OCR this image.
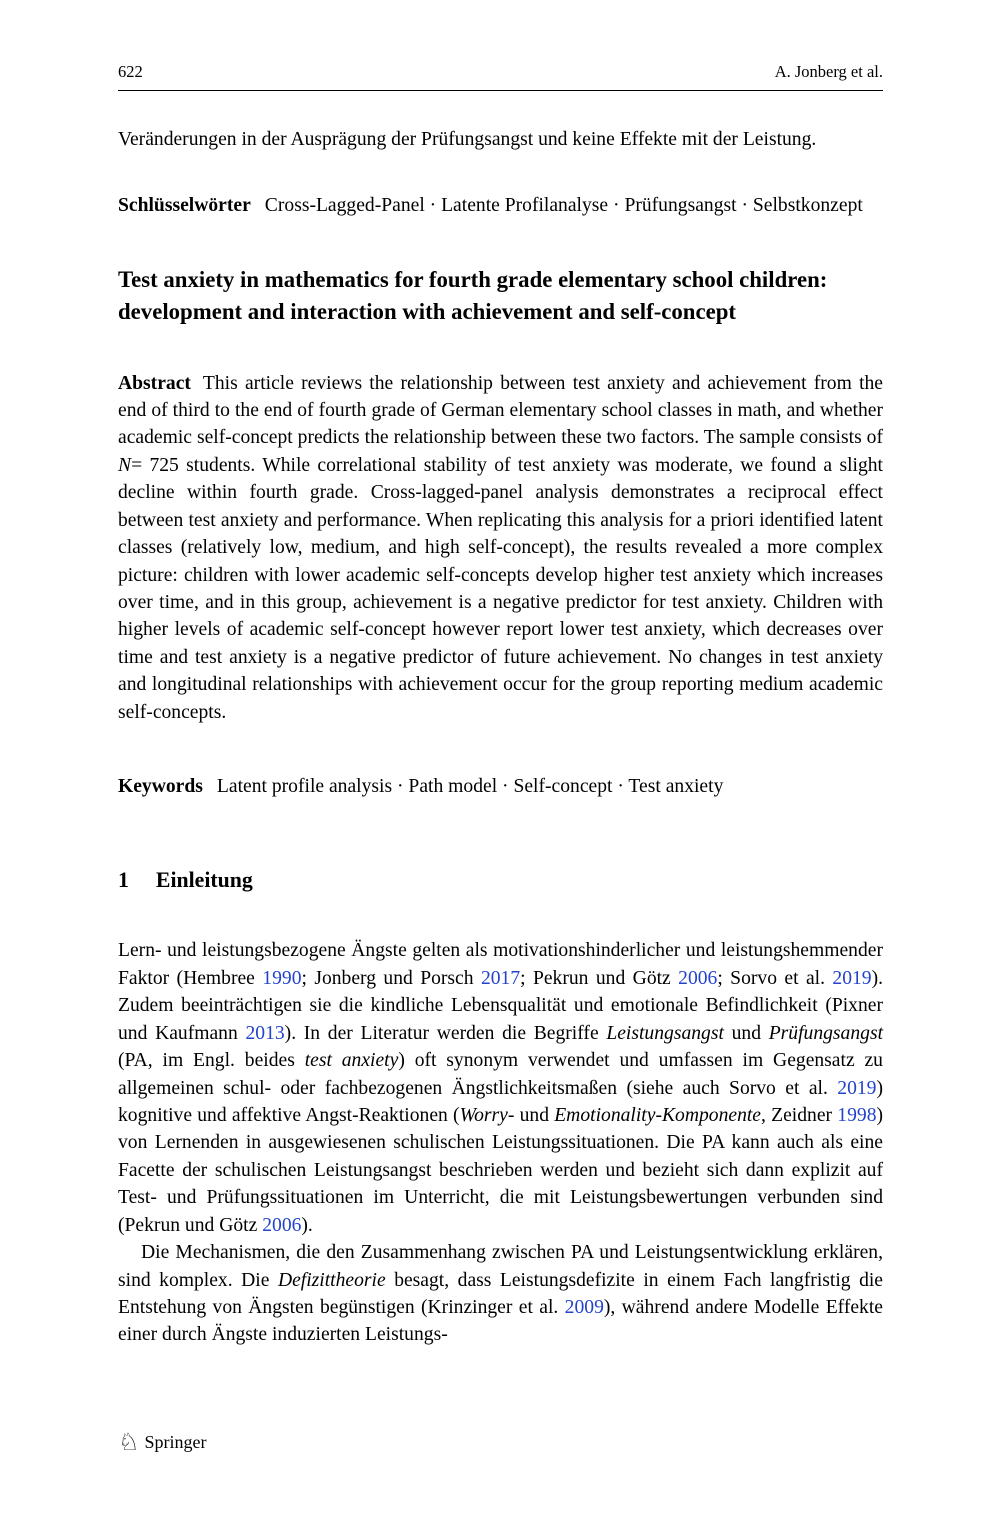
622	A. Jonberg et al.

Veränderungen in der Ausprägung der Prüfungsangst und keine Effekte mit der Leistung.

Schlüsselwörter Cross-Lagged-Panel · Latente Profilanalyse · Prüfungsangst · Selbstkonzept

Test anxiety in mathematics for fourth grade elementary school children: development and interaction with achievement and self-concept

Abstract This article reviews the relationship between test anxiety and achievement from the end of third to the end of fourth grade of German elementary school classes in math, and whether academic self-concept predicts the relationship between these two factors. The sample consists of N= 725 students. While correlational stability of test anxiety was moderate, we found a slight decline within fourth grade. Cross-lagged-panel analysis demonstrates a reciprocal effect between test anxiety and performance. When replicating this analysis for a priori identified latent classes (relatively low, medium, and high self-concept), the results revealed a more complex picture: children with lower academic self-concepts develop higher test anxiety which increases over time, and in this group, achievement is a negative predictor for test anxiety. Children with higher levels of academic self-concept however report lower test anxiety, which decreases over time and test anxiety is a negative predictor of future achievement. No changes in test anxiety and longitudinal relationships with achievement occur for the group reporting medium academic self-concepts.

Keywords Latent profile analysis · Path model · Self-concept · Test anxiety

1 Einleitung

Lern- und leistungsbezogene Ängste gelten als motivationshinderlicher und leistungshemmender Faktor (Hembree 1990; Jonberg und Porsch 2017; Pekrun und Götz 2006; Sorvo et al. 2019). Zudem beeinträchtigen sie die kindliche Lebensqualität und emotionale Befindlichkeit (Pixner und Kaufmann 2013). In der Literatur werden die Begriffe Leistungsangst und Prüfungsangst (PA, im Engl. beides test anxiety) oft synonym verwendet und umfassen im Gegensatz zu allgemeinen schul- oder fachbezogenen Ängstlichkeitsmaßen (siehe auch Sorvo et al. 2019) kognitive und affektive Angst-Reaktionen (Worry- und Emotionality-Komponente, Zeidner 1998) von Lernenden in ausgewiesenen schulischen Leistungssituationen. Die PA kann auch als eine Facette der schulischen Leistungsangst beschrieben werden und bezieht sich dann explizit auf Test- und Prüfungssituationen im Unterricht, die mit Leistungsbewertungen verbunden sind (Pekrun und Götz 2006).

Die Mechanismen, die den Zusammenhang zwischen PA und Leistungsentwicklung erklären, sind komplex. Die Defizittheorie besagt, dass Leistungsdefizite in einem Fach langfristig die Entstehung von Ängsten begünstigen (Krinzinger et al. 2009), während andere Modelle Effekte einer durch Ängste induzierten Leistungs-

♘ Springer
